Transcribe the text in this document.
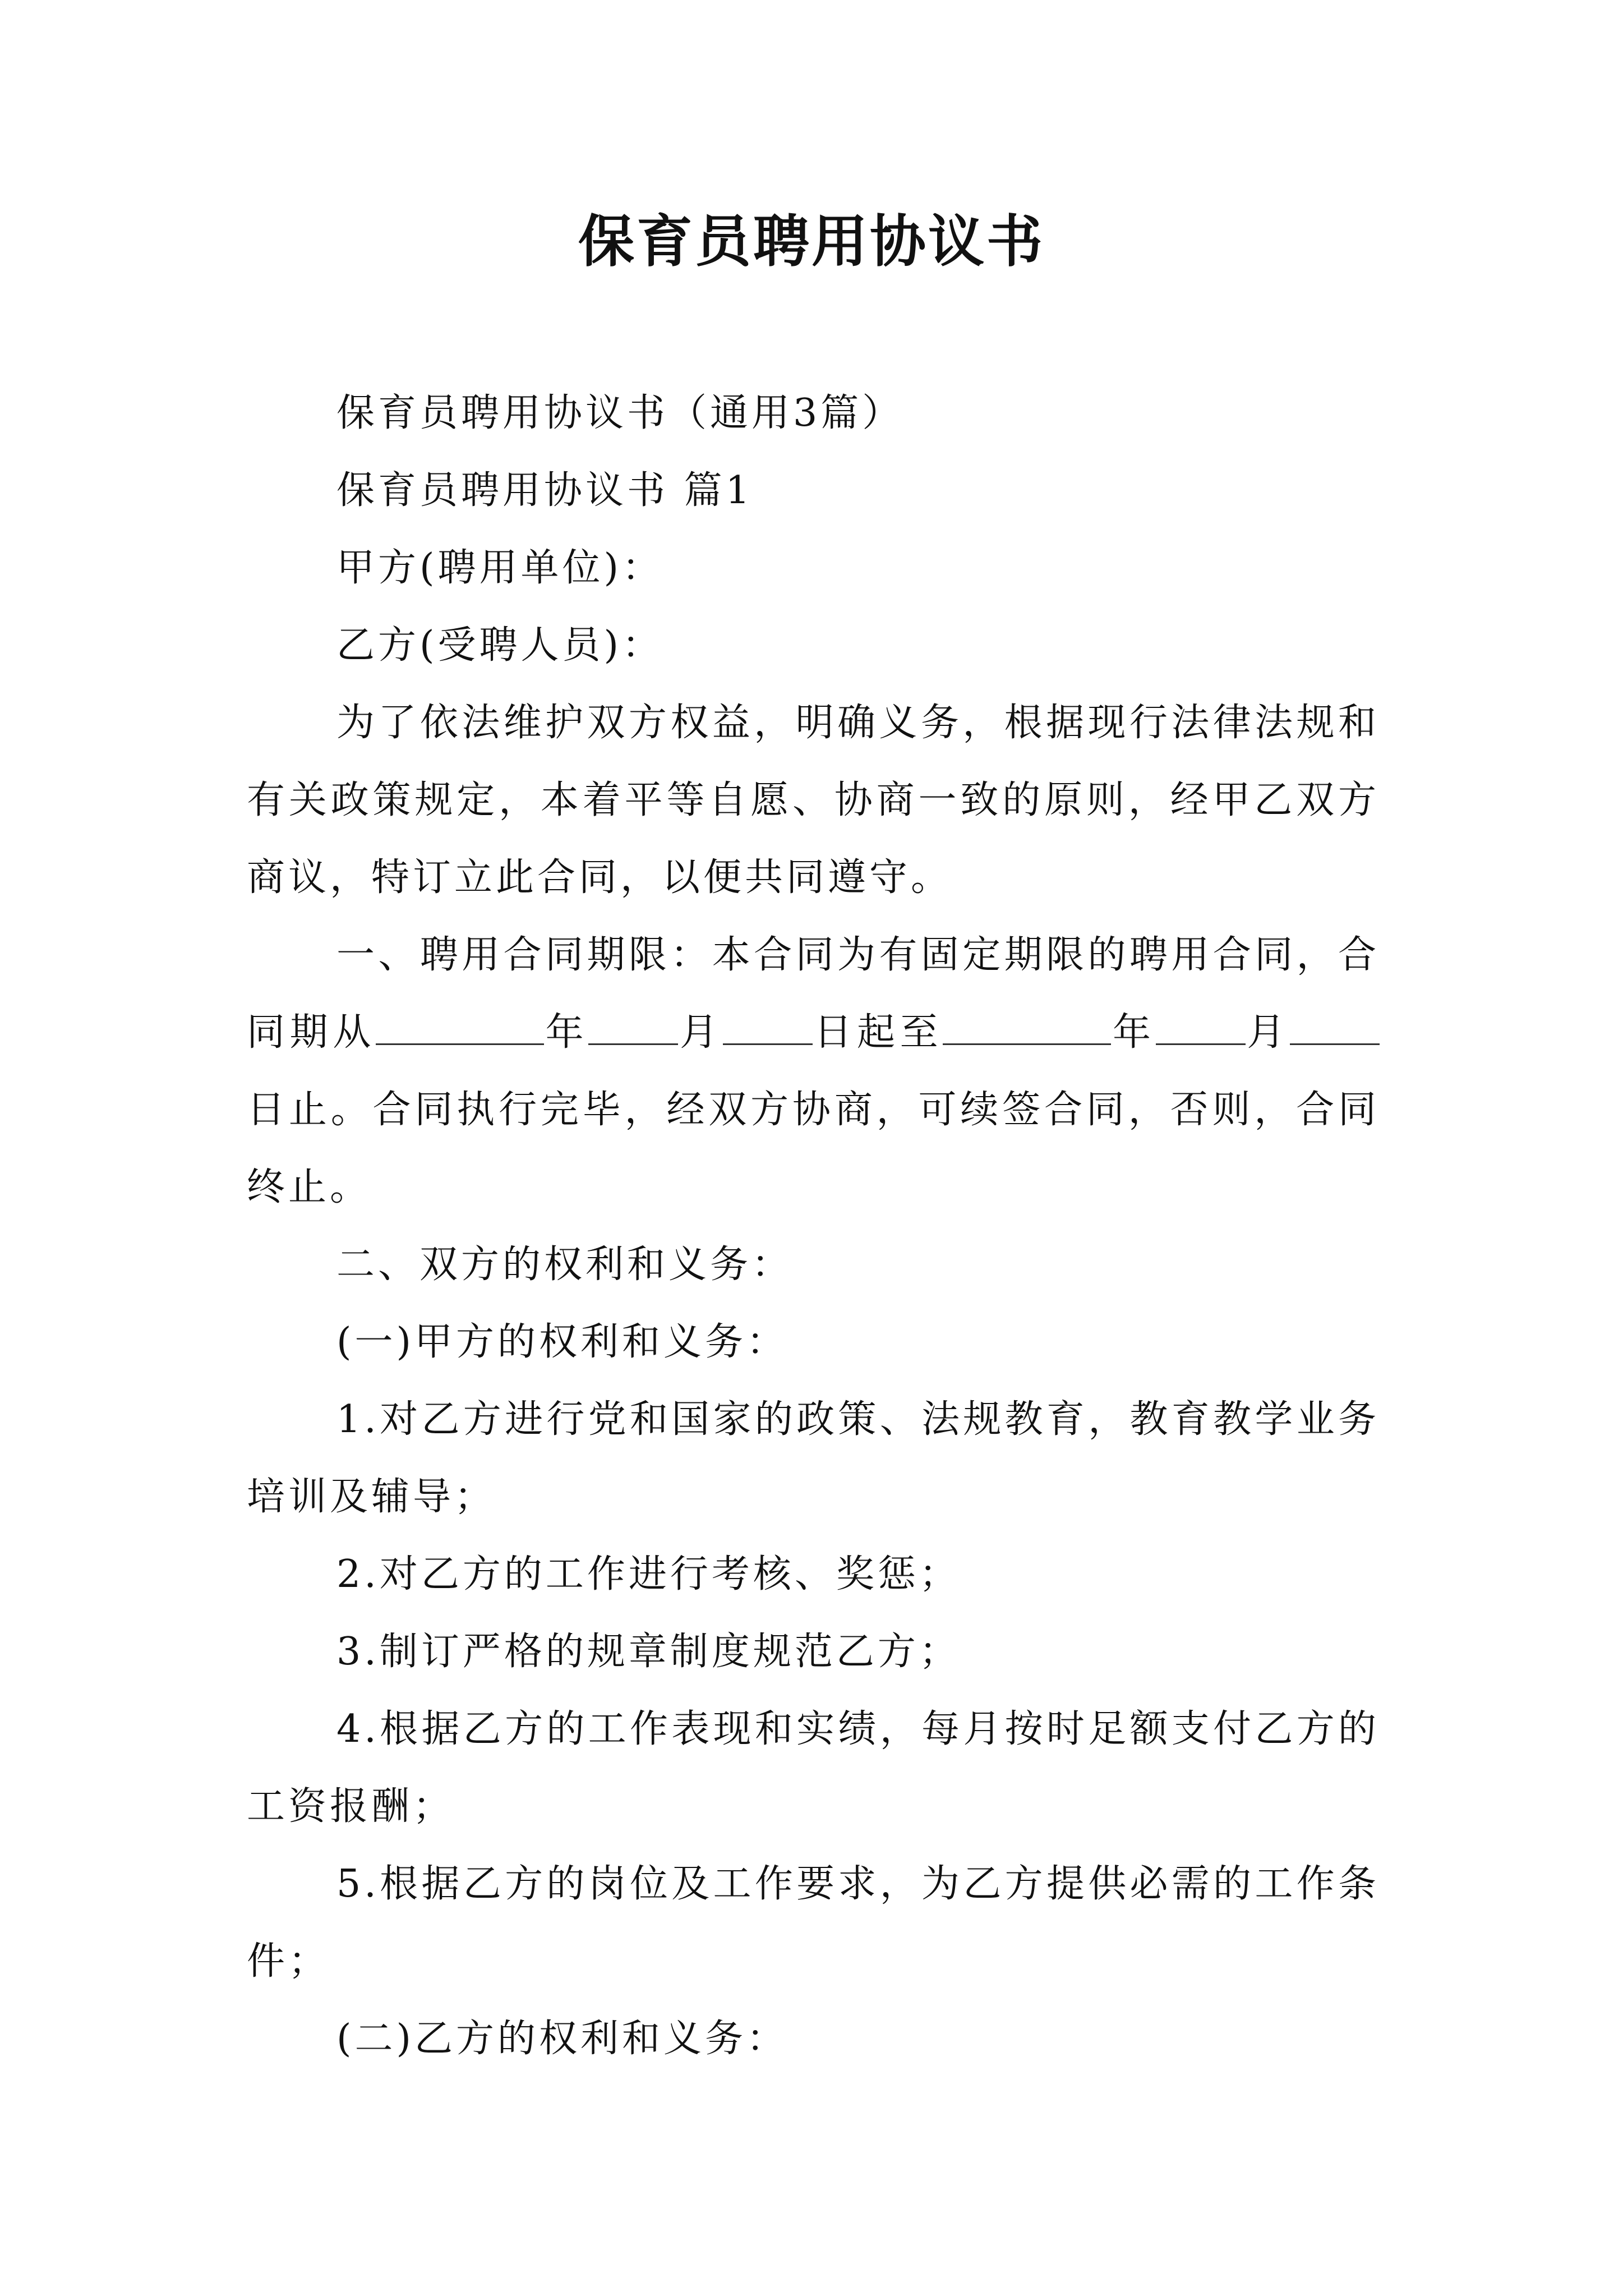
保育员聘用协议书

保育员聘用协议书（通用3篇）

保育员聘用协议书 篇1

甲方(聘用单位)：

乙方(受聘人员)：

为了依法维护双方权益，明确义务，根据现行法律法规和有关政策规定，本着平等自愿、协商一致的原则，经甲乙双方商议，特订立此合同，以便共同遵守。

一、聘用合同期限：本合同为有固定期限的聘用合同，合同期从	年 月 日起至	年 月日止。合同执行完毕，经双方协商，可续签合同，否则，合同终止。

二、双方的权利和义务：

(一)甲方的权利和义务：

1.对乙方进行党和国家的政策、法规教育，教育教学业务培训及辅导；

2.对乙方的工作进行考核、奖惩；

3.制订严格的规章制度规范乙方；

4.根据乙方的工作表现和实绩，每月按时足额支付乙方的工资报酬；

5.根据乙方的岗位及工作要求，为乙方提供必需的工作条件；

(二)乙方的权利和义务：
